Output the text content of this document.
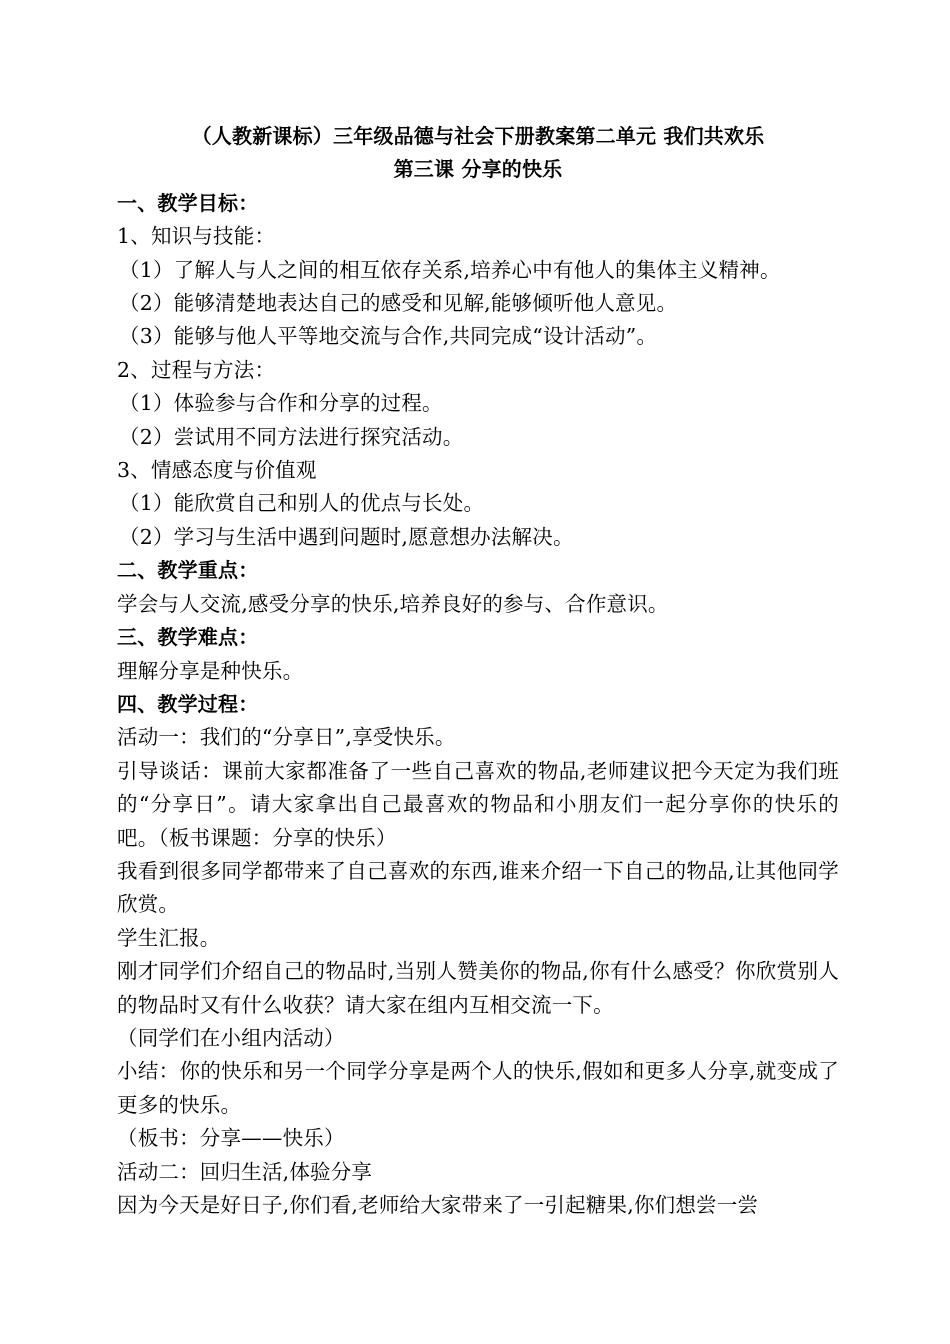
（人教新课标）三年级品德与社会下册教案第二单元 我们共欢乐

第三课 分享的快乐

一、教学目标：

1、知识与技能：

（1）了解人与人之间的相互依存关系,培养心中有他人的集体主义精神。

（2）能够清楚地表达自己的感受和见解,能够倾听他人意见。

（3）能够与他人平等地交流与合作,共同完成“设计活动”。

2、过程与方法：

（1）体验参与合作和分享的过程。

（2）尝试用不同方法进行探究活动。

3、情感态度与价值观

（1）能欣赏自己和别人的优点与长处。

（2）学习与生活中遇到问题时,愿意想办法解决。

二、教学重点：

学会与人交流,感受分享的快乐,培养良好的参与、合作意识。

三、教学难点：

理解分享是种快乐。

四、教学过程：

活动一：我们的“分享日”,享受快乐。

引导谈话：课前大家都准备了一些自己喜欢的物品,老师建议把今天定为我们班的“分享日”。请大家拿出自己最喜欢的物品和小朋友们一起分享你的快乐的吧。（板书课题：分享的快乐）

我看到很多同学都带来了自己喜欢的东西,谁来介绍一下自己的物品,让其他同学欣赏。

学生汇报。

刚才同学们介绍自己的物品时,当别人赞美你的物品,你有什么感受？你欣赏别人的物品时又有什么收获？请大家在组内互相交流一下。

（同学们在小组内活动）

小结：你的快乐和另一个同学分享是两个人的快乐,假如和更多人分享,就变成了更多的快乐。

（板书：分享——快乐）

活动二：回归生活,体验分享

因为今天是好日子,你们看,老师给大家带来了一引起糖果,你们想尝一尝
